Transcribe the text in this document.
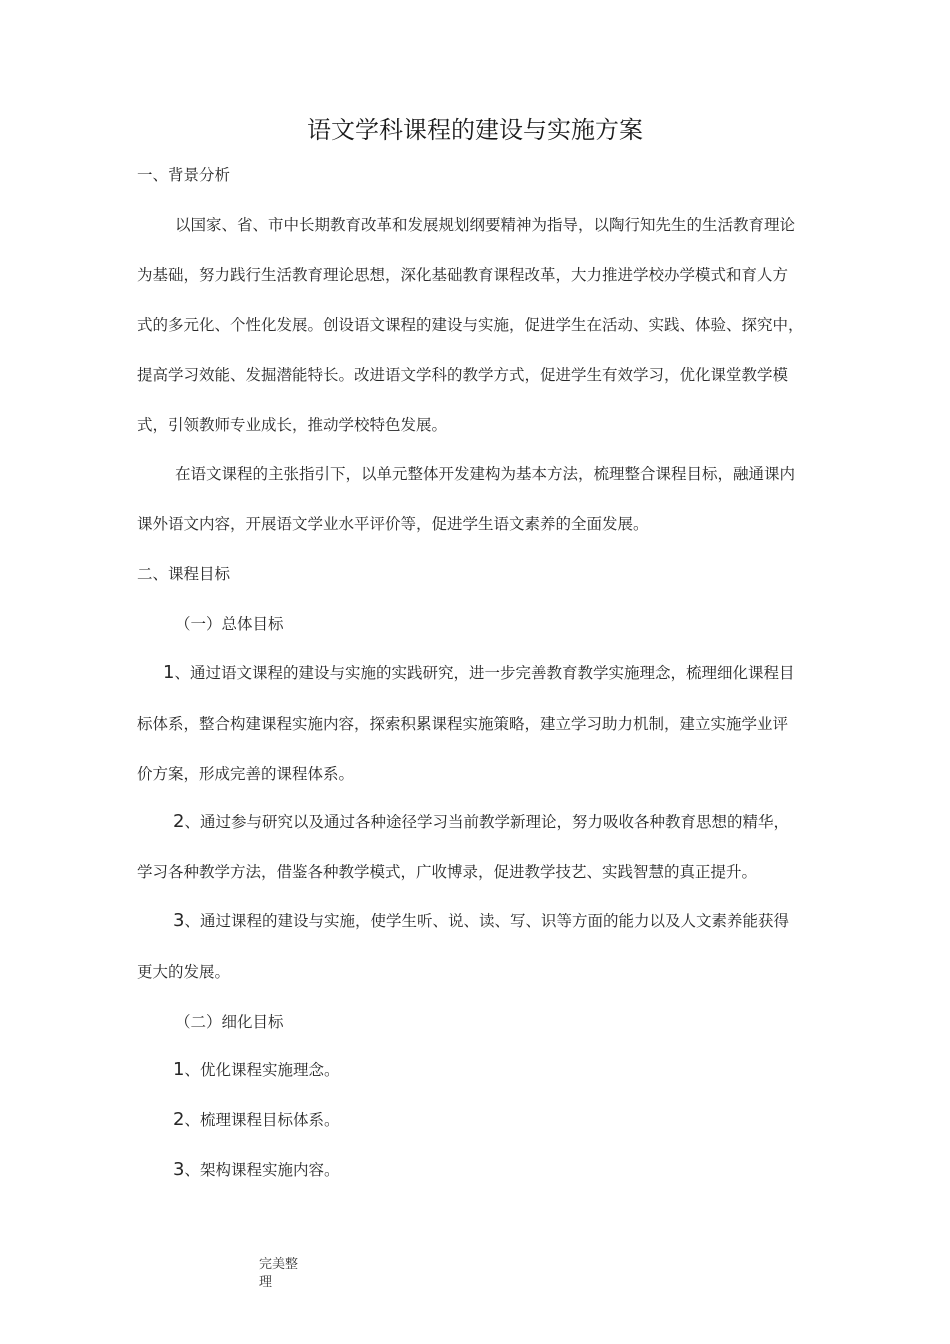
语文学科课程的建设与实施方案
一、背景分析
以国家、省、市中长期教育改革和发展规划纲要精神为指导，以陶行知先生的生活教育理论
为基础，努力践行生活教育理论思想，深化基础教育课程改革，大力推进学校办学模式和育人方
式的多元化、个性化发展。创设语文课程的建设与实施，促进学生在活动、实践、体验、探究中，
提高学习效能、发掘潜能特长。改进语文学科的教学方式，促进学生有效学习，优化课堂教学模
式，引领教师专业成长，推动学校特色发展。
在语文课程的主张指引下，以单元整体开发建构为基本方法，梳理整合课程目标，融通课内
课外语文内容，开展语文学业水平评价等，促进学生语文素养的全面发展。
二、课程目标
（一）总体目标
1、通过语文课程的建设与实施的实践研究，进一步完善教育教学实施理念，梳理细化课程目
标体系，整合构建课程实施内容，探索积累课程实施策略，建立学习助力机制，建立实施学业评
价方案，形成完善的课程体系。
2、通过参与研究以及通过各种途径学习当前教学新理论，努力吸收各种教育思想的精华，
学习各种教学方法，借鉴各种教学模式，广收博录，促进教学技艺、实践智慧的真正提升。
3、通过课程的建设与实施，使学生听、说、读、写、识等方面的能力以及人文素养能获得
更大的发展。
（二）细化目标
1、优化课程实施理念。
2、梳理课程目标体系。
3、架构课程实施内容。
完美整
理
